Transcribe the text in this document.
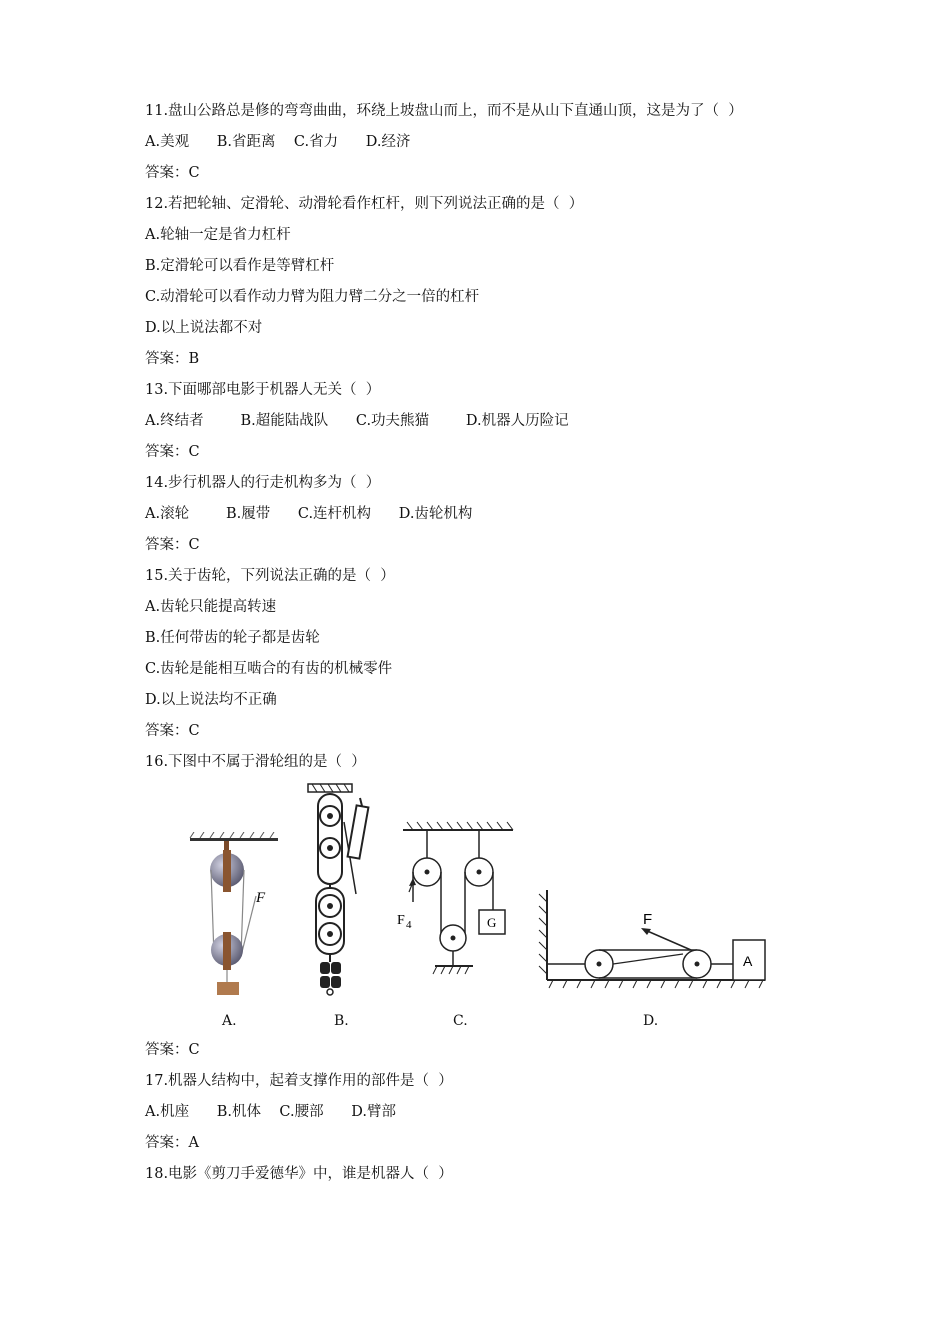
11.盘山公路总是修的弯弯曲曲，环绕上坡盘山而上，而不是从山下直通山顶，这是为了（  ）
A.美观      B.省距离    C.省力      D.经济
答案：C
12.若把轮轴、定滑轮、动滑轮看作杠杆，则下列说法正确的是（  ）
A.轮轴一定是省力杠杆
B.定滑轮可以看作是等臂杠杆
C.动滑轮可以看作动力臂为阻力臂二分之一倍的杠杆
D.以上说法都不对
答案：B
13.下面哪部电影于机器人无关（  ）
A.终结者        B.超能陆战队      C.功夫熊猫        D.机器人历险记
答案：C
14.步行机器人的行走机构多为（  ）
A.滚轮        B.履带      C.连杆机构      D.齿轮机构
答案：C
15.关于齿轮，下列说法正确的是（  ）
A.齿轮只能提高转速
B.任何带齿的轮子都是齿轮
C.齿轮是能相互啮合的有齿的机械零件
D.以上说法均不正确
答案：C
16.下图中不属于滑轮组的是（  ）
F
F 4	G	F
A
A.	B.	C.	D.
答案：C
17.机器人结构中，起着支撑作用的部件是（  ）
A.机座      B.机体    C.腰部      D.臂部
答案：A
18.电影《剪刀手爱德华》中，谁是机器人（  ）
